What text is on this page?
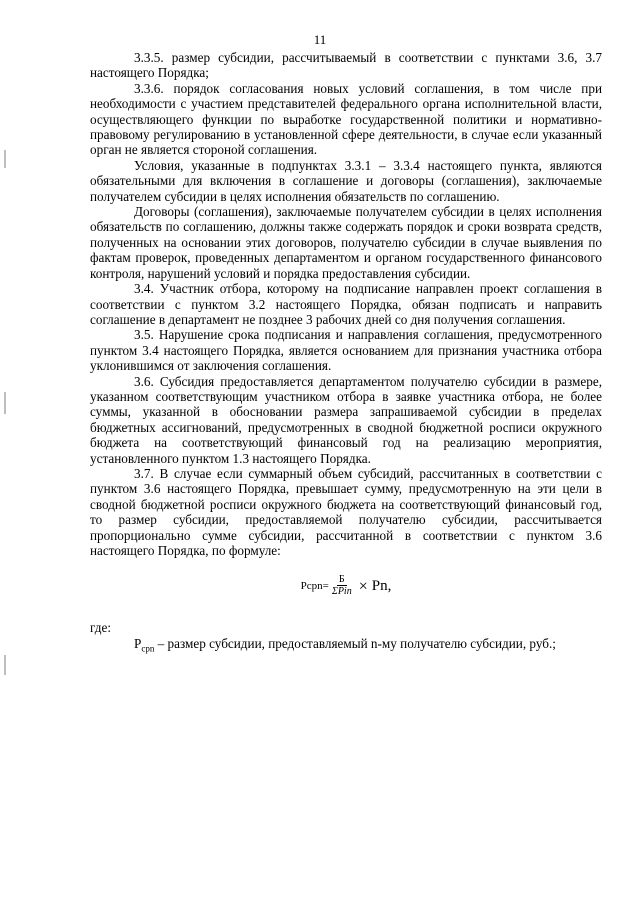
11

3.3.5. размер субсидии, рассчитываемый в соответствии с пунктами 3.6, 3.7 настоящего Порядка;

3.3.6. порядок согласования новых условий соглашения, в том числе при необходимости с участием представителей федерального органа исполнительной власти, осуществляющего функции по выработке государственной политики и нормативно-правовому регулированию в установленной сфере деятельности, в случае если указанный орган не является стороной соглашения.

Условия, указанные в подпунктах 3.3.1 – 3.3.4 настоящего пункта, являются обязательными для включения в соглашение и договоры (соглашения), заключаемые получателем субсидии в целях исполнения обязательств по соглашению.

Договоры (соглашения), заключаемые получателем субсидии в целях исполнения обязательств по соглашению, должны также содержать порядок и сроки возврата средств, полученных на основании этих договоров, получателю субсидии в случае выявления по фактам проверок, проведенных департаментом и органом государственного финансового контроля, нарушений условий и порядка предоставления субсидии.

3.4. Участник отбора, которому на подписание направлен проект соглашения в соответствии с пунктом 3.2 настоящего Порядка, обязан подписать и направить соглашение в департамент не позднее 3 рабочих дней со дня получения соглашения.

3.5. Нарушение срока подписания и направления соглашения, предусмотренного пунктом 3.4 настоящего Порядка, является основанием для признания участника отбора уклонившимся от заключения соглашения.

3.6. Субсидия предоставляется департаментом получателю субсидии в размере, указанном соответствующим участником отбора в заявке участника отбора, не более суммы, указанной в обосновании размера запрашиваемой субсидии в пределах бюджетных ассигнований, предусмотренных в сводной бюджетной росписи окружного бюджета на соответствующий финансовый год на реализацию мероприятия, установленного пунктом 1.3 настоящего Порядка.

3.7. В случае если суммарный объем субсидий, рассчитанных в соответствии с пунктом 3.6 настоящего Порядка, превышает сумму, предусмотренную на эти цели в сводной бюджетной росписи окружного бюджета на соответствующий финансовый год, то размер субсидии, предоставляемой получателю субсидии, рассчитывается пропорционально сумме субсидии, рассчитанной в соответствии с пунктом 3.6 настоящего Порядка, по формуле:

Pcpn = $\frac{Б}{\text{ΣPin}} \times Pn$,

где:

$Р_{срn}$ – размер субсидии, предоставляемый n-му получателю субсидии, руб.;
